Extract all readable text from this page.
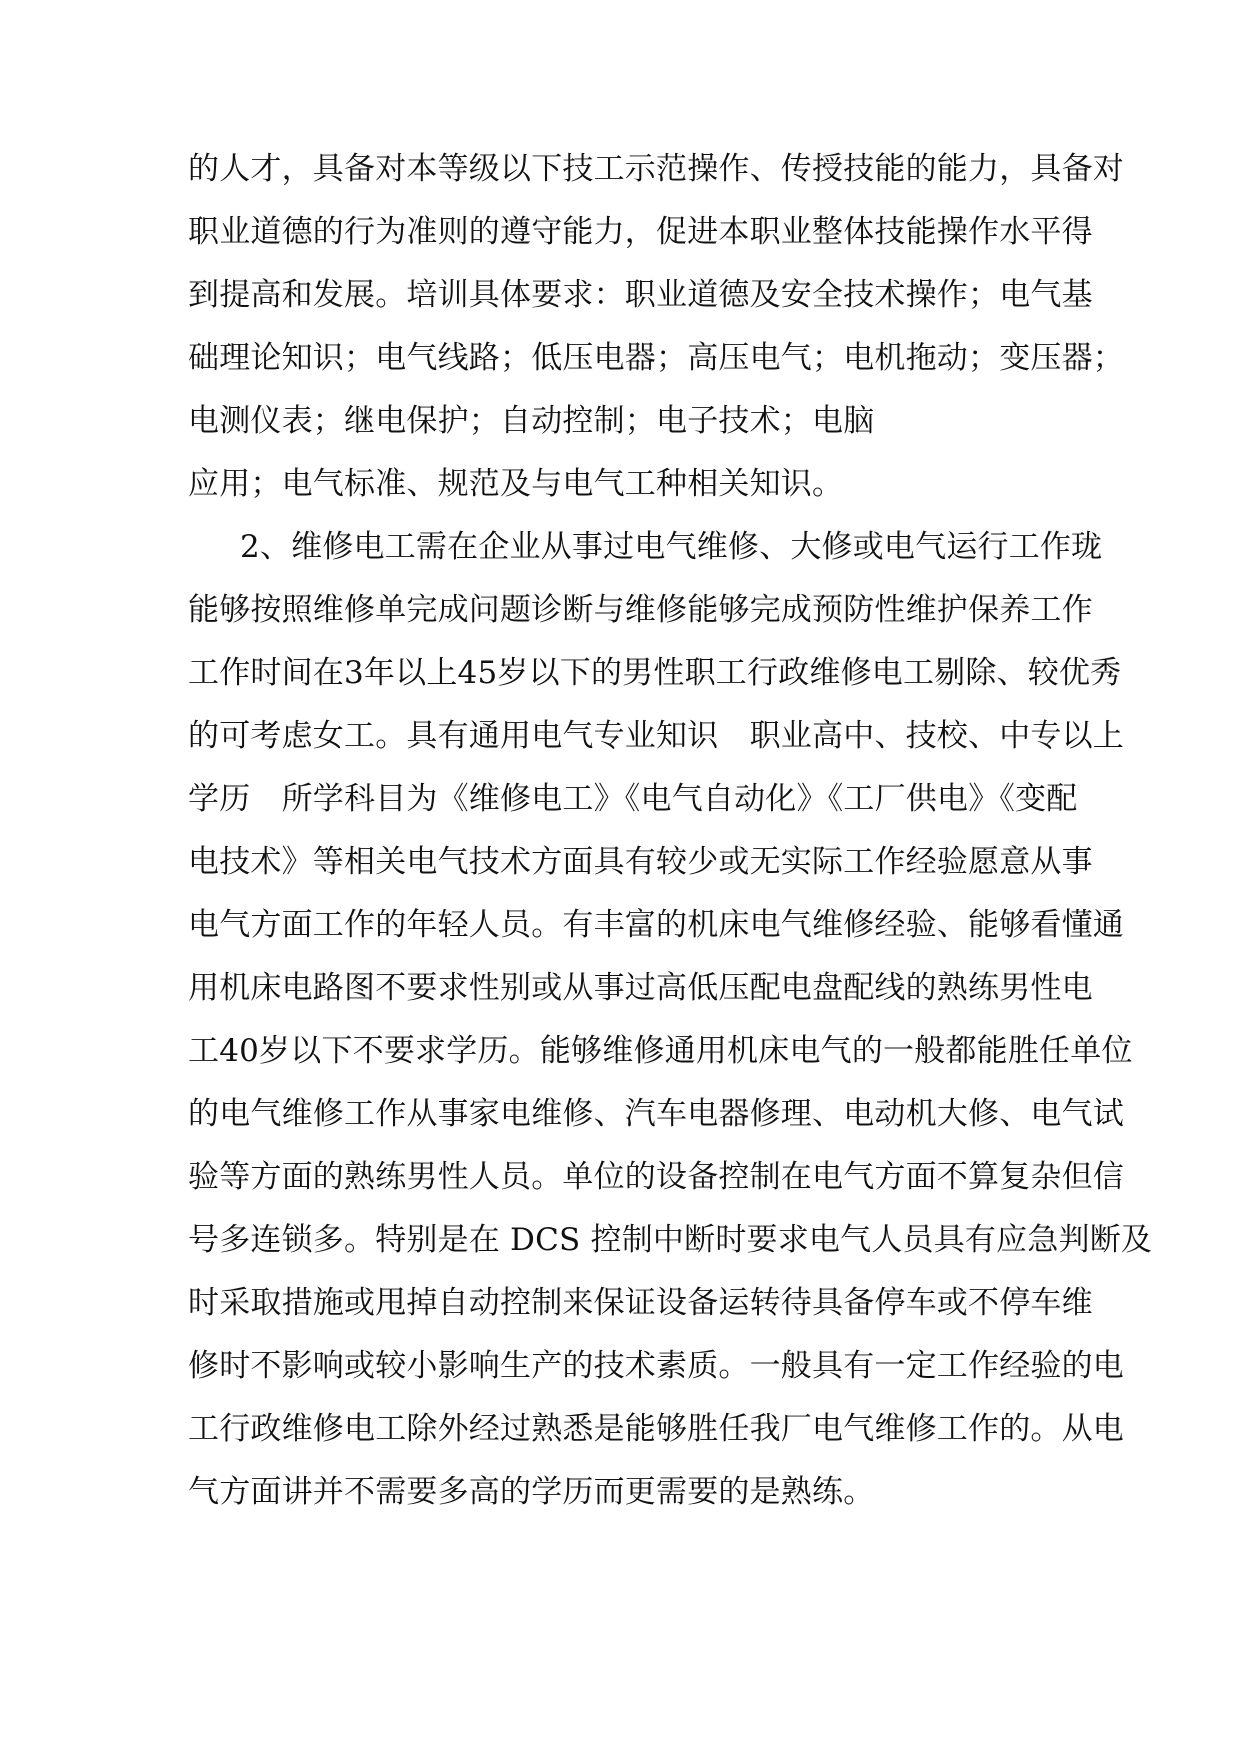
的人才，具备对本等级以下技工示范操作、传授技能的能力，具备对
职业道德的行为准则的遵守能力，促进本职业整体技能操作水平得
到提高和发展。培训具体要求：职业道德及安全技术操作；电气基
础理论知识；电气线路；低压电器；高压电气；电机拖动；变压器；
电测仪表；继电保护；自动控制；电子技术；电脑
应用；电气标准、规范及与电气工种相关知识。
2、维修电工需在企业从事过电气维修、大修或电气运行工作珑
能够按照维修单完成问题诊断与维修能够完成预防性维护保养工作
工作时间在3年以上45岁以下的男性职工行政维修电工剔除、较优秀
的可考虑女工。具有通用电气专业知识　职业高中、技校、中专以上
学历　所学科目为《维修电工》《电气自动化》《工厂供电》《变配
电技术》等相关电气技术方面具有较少或无实际工作经验愿意从事
电气方面工作的年轻人员。有丰富的机床电气维修经验、能够看懂通
用机床电路图不要求性别或从事过高低压配电盘配线的熟练男性电
工40岁以下不要求学历。能够维修通用机床电气的一般都能胜任单位
的电气维修工作从事家电维修、汽车电器修理、电动机大修、电气试
验等方面的熟练男性人员。单位的设备控制在电气方面不算复杂但信
号多连锁多。特别是在 DCS 控制中断时要求电气人员具有应急判断及
时采取措施或甩掉自动控制来保证设备运转待具备停车或不停车维
修时不影响或较小影响生产的技术素质。一般具有一定工作经验的电
工行政维修电工除外经过熟悉是能够胜任我厂电气维修工作的。从电
气方面讲并不需要多高的学历而更需要的是熟练。
